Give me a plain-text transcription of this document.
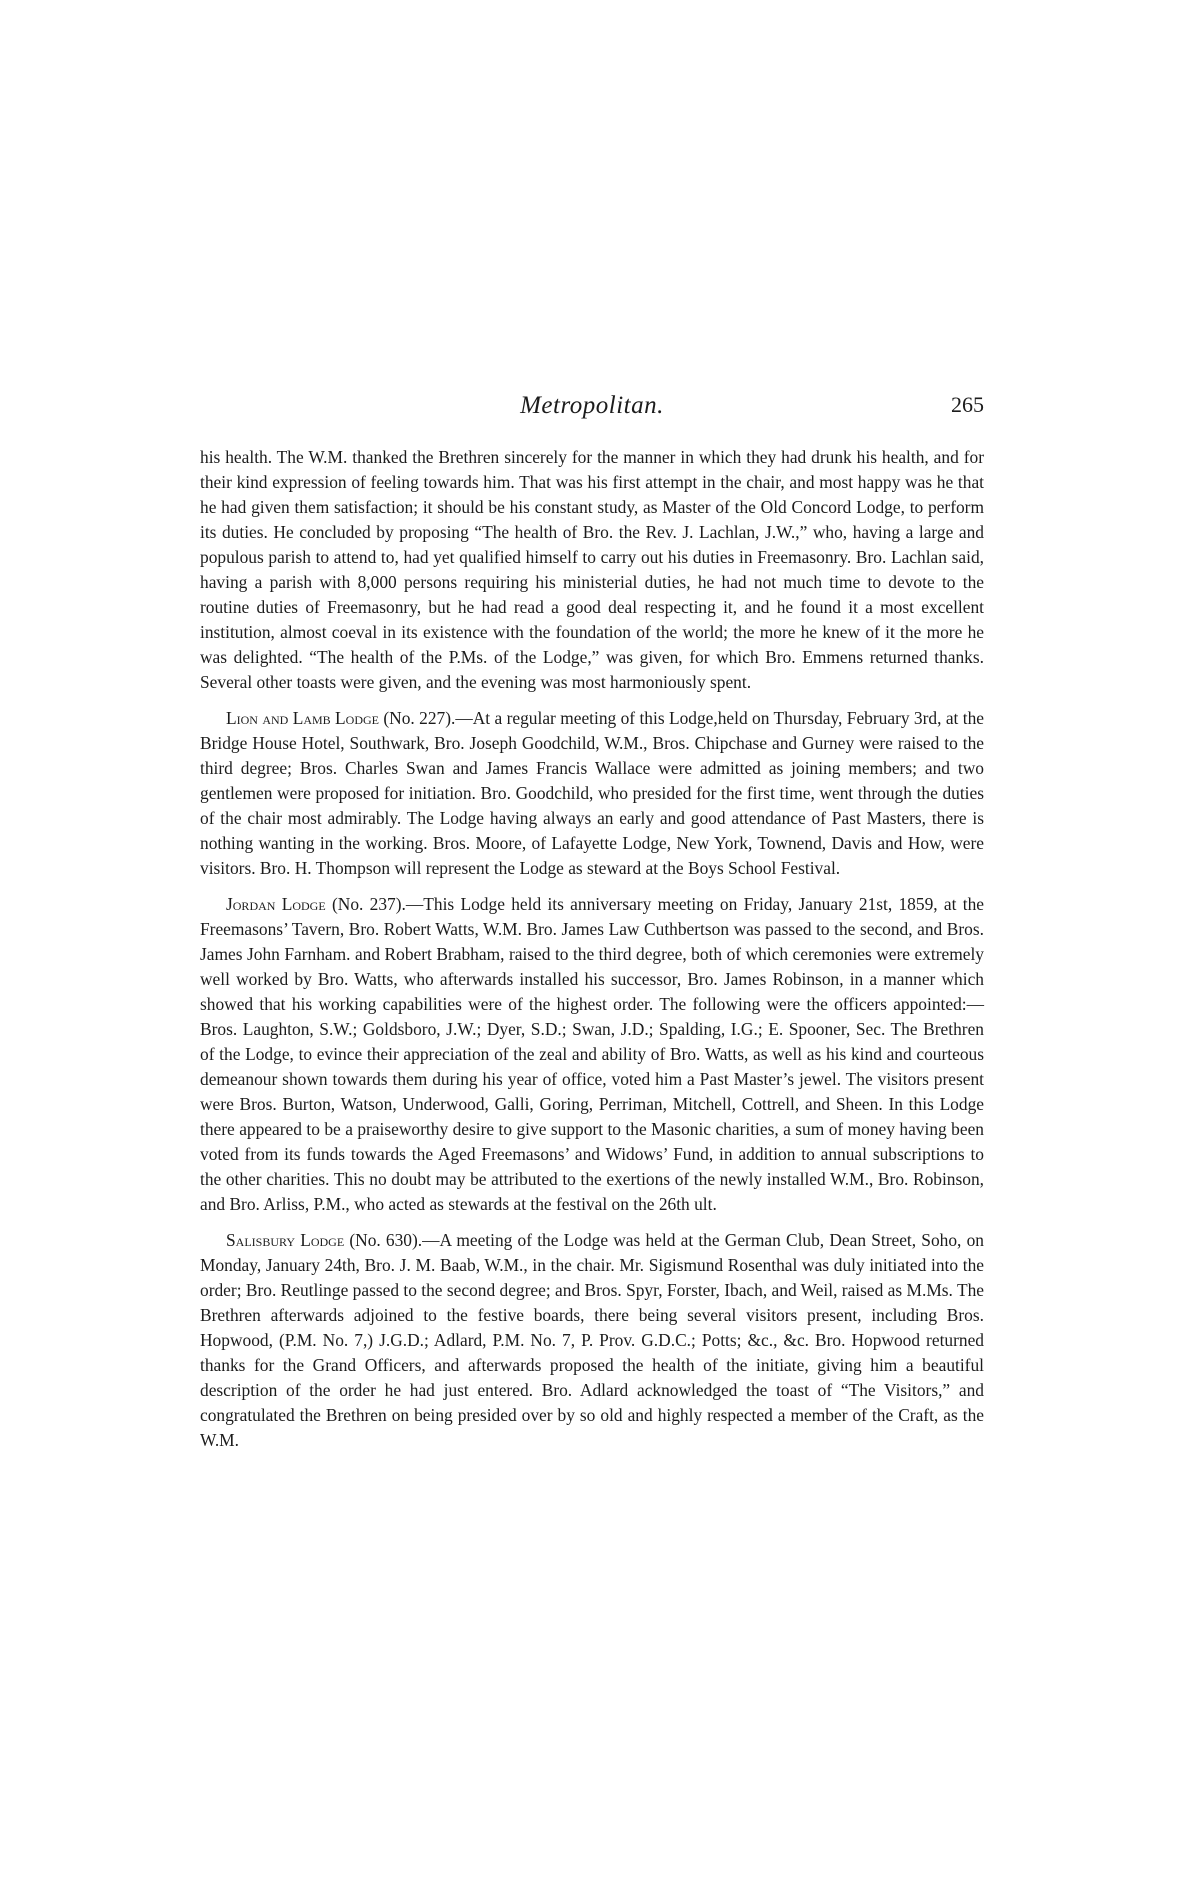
Metropolitan.	265

his health. The W.M. thanked the Brethren sincerely for the manner in which they had drunk his health, and for their kind expression of feeling towards him. That was his first attempt in the chair, and most happy was he that he had given them satisfaction; it should be his constant study, as Master of the Old Concord Lodge, to perform its duties. He concluded by proposing “The health of Bro. the Rev. J. Lachlan, J.W.,” who, having a large and populous parish to attend to, had yet qualified himself to carry out his duties in Freemasonry. Bro. Lachlan said, having a parish with 8,000 persons requiring his ministerial duties, he had not much time to devote to the routine duties of Freemasonry, but he had read a good deal respecting it, and he found it a most excellent institution, almost coeval in its existence with the foundation of the world; the more he knew of it the more he was delighted. “The health of the P.Ms. of the Lodge,” was given, for which Bro. Emmens returned thanks. Several other toasts were given, and the evening was most harmoniously spent.

Lion and Lamb Lodge (No. 227).—At a regular meeting of this Lodge,held on Thursday, February 3rd, at the Bridge House Hotel, Southwark, Bro. Joseph Goodchild, W.M., Bros. Chipchase and Gurney were raised to the third degree; Bros. Charles Swan and James Francis Wallace were admitted as joining members; and two gentlemen were proposed for initiation. Bro. Goodchild, who presided for the first time, went through the duties of the chair most admirably. The Lodge having always an early and good attendance of Past Masters, there is nothing wanting in the working. Bros. Moore, of Lafayette Lodge, New York, Townend, Davis and How, were visitors. Bro. H. Thompson will represent the Lodge as steward at the Boys School Festival.

Jordan Lodge (No. 237).—This Lodge held its anniversary meeting on Friday, January 21st, 1859, at the Freemasons’ Tavern, Bro. Robert Watts, W.M. Bro. James Law Cuthbertson was passed to the second, and Bros. James John Farnham. and Robert Brabham, raised to the third degree, both of which ceremonies were extremely well worked by Bro. Watts, who afterwards installed his successor, Bro. James Robinson, in a manner which showed that his working capabilities were of the highest order. The following were the officers appointed:—Bros. Laughton, S.W.; Goldsboro, J.W.; Dyer, S.D.; Swan, J.D.; Spalding, I.G.; E. Spooner, Sec. The Brethren of the Lodge, to evince their appreciation of the zeal and ability of Bro. Watts, as well as his kind and courteous demeanour shown towards them during his year of office, voted him a Past Master’s jewel. The visitors present were Bros. Burton, Watson, Underwood, Galli, Goring, Perriman, Mitchell, Cottrell, and Sheen. In this Lodge there appeared to be a praiseworthy desire to give support to the Masonic charities, a sum of money having been voted from its funds towards the Aged Freemasons’ and Widows’ Fund, in addition to annual subscriptions to the other charities. This no doubt may be attributed to the exertions of the newly installed W.M., Bro. Robinson, and Bro. Arliss, P.M., who acted as stewards at the festival on the 26th ult.

Salisbury Lodge (No. 630).—A meeting of the Lodge was held at the German Club, Dean Street, Soho, on Monday, January 24th, Bro. J. M. Baab, W.M., in the chair. Mr. Sigismund Rosenthal was duly initiated into the order; Bro. Reutlinge passed to the second degree; and Bros. Spyr, Forster, Ibach, and Weil, raised as M.Ms. The Brethren afterwards adjoined to the festive boards, there being several visitors present, including Bros. Hopwood, (P.M. No. 7,) J.G.D.; Adlard, P.M. No. 7, P. Prov. G.D.C.; Potts; &c., &c. Bro. Hopwood returned thanks for the Grand Officers, and afterwards proposed the health of the initiate, giving him a beautiful description of the order he had just entered. Bro. Adlard acknowledged the toast of “The Visitors,” and congratulated the Brethren on being presided over by so old and highly respected a member of the Craft, as the W.M.
